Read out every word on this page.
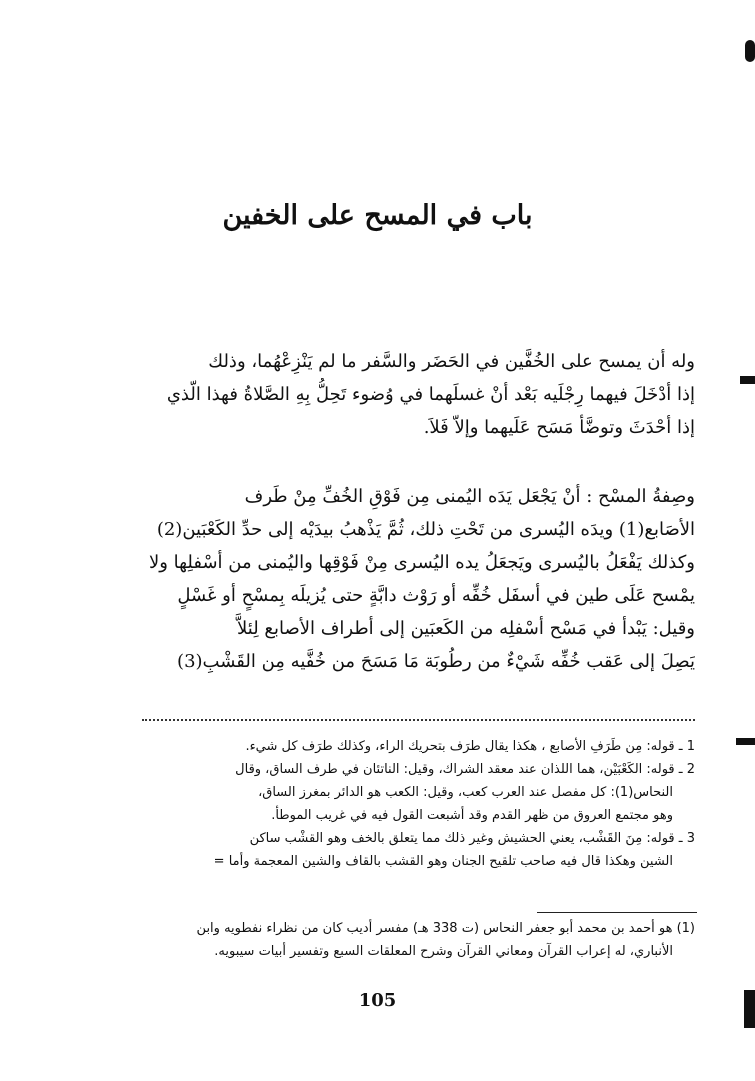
باب في المسح على الخفين
وله أن يمسح على الخُفَّين في الحَضَر والسَّفر ما لم يَنْزِعْهُما، وذلك
إذا أدْخَلَ فيهما رِجْلَيه بَعْد أنْ غسلَهما في وُضوء تَحِلُّ بِهِ الصَّلاةُ فهذا الّذي
إذا أحْدَثَ وتوضَّأ مَسَح عَلَيهما وإلاّ فَلاَ.
وصِفةُ المسْح : أنْ يَجْعَل يَدَه اليُمنى مِن فَوْقِ الخُفِّ مِنْ طَرف
الأصَابع(1) ويدَه اليُسرى من تَحْتِ ذلك، ثُمَّ يَذْهبُ بيدَيْه إلى حدِّ الكَعْبَين(2)
وكذلك يَفْعَلُ باليُسرى ويَجعَلُ يده اليُسرى مِنْ فَوْقِها واليُمنى من أسْفلِها ولا
يمْسح عَلَى طين في أسفَل خُفِّه أو رَوْث دابَّةٍ حتى يُزيلَه بِمسْحٍ أو غَسْلٍ
وقيل: يَبْدأ في مَسْح أسْفلِه من الكَعبَين إلى أطراف الأصابع لِئلاَّ
يَصِلَ إلى عَقب خُفِّه شَيْءٌ من رطُوبَة مَا مَسَحَ من خُفَّيه مِن القَشْبِ(3)
1 ـ قوله: مِن طَرَفِ الأصابع ، هكذا يقال طرَف بتحريك الراء، وكذلك طرَف كل شيء.
2 ـ قوله: الكَعْبَيْن، هما اللذان عند معقد الشراك، وقيل: الناتئان في طرف الساق، وقال
النحاس(1): كل مفصل عند العرب كعب، وقيل: الكعب هو الدائر بمغرز الساق،
وهو مجتمع العروق من ظهر القدم وقد أشبعت القول فيه في غريب الموطأ.
3 ـ قوله: مِنَ القَشْب، يعني الحشيش وغير ذلك مما يتعلق بالخف وهو القشْب ساكن
الشين وهكذا قال فيه صاحب تلقيح الجنان وهو القشب بالقاف والشين المعجمة وأما =
(1) هو أحمد بن محمد أبو جعفر النحاس (ت 338 هـ) مفسر أديب كان من نظراء نفطويه وابن
الأنباري، له إعراب القرآن ومعاني القرآن وشرح المعلقات السبع وتفسير أبيات سيبويه.
105
